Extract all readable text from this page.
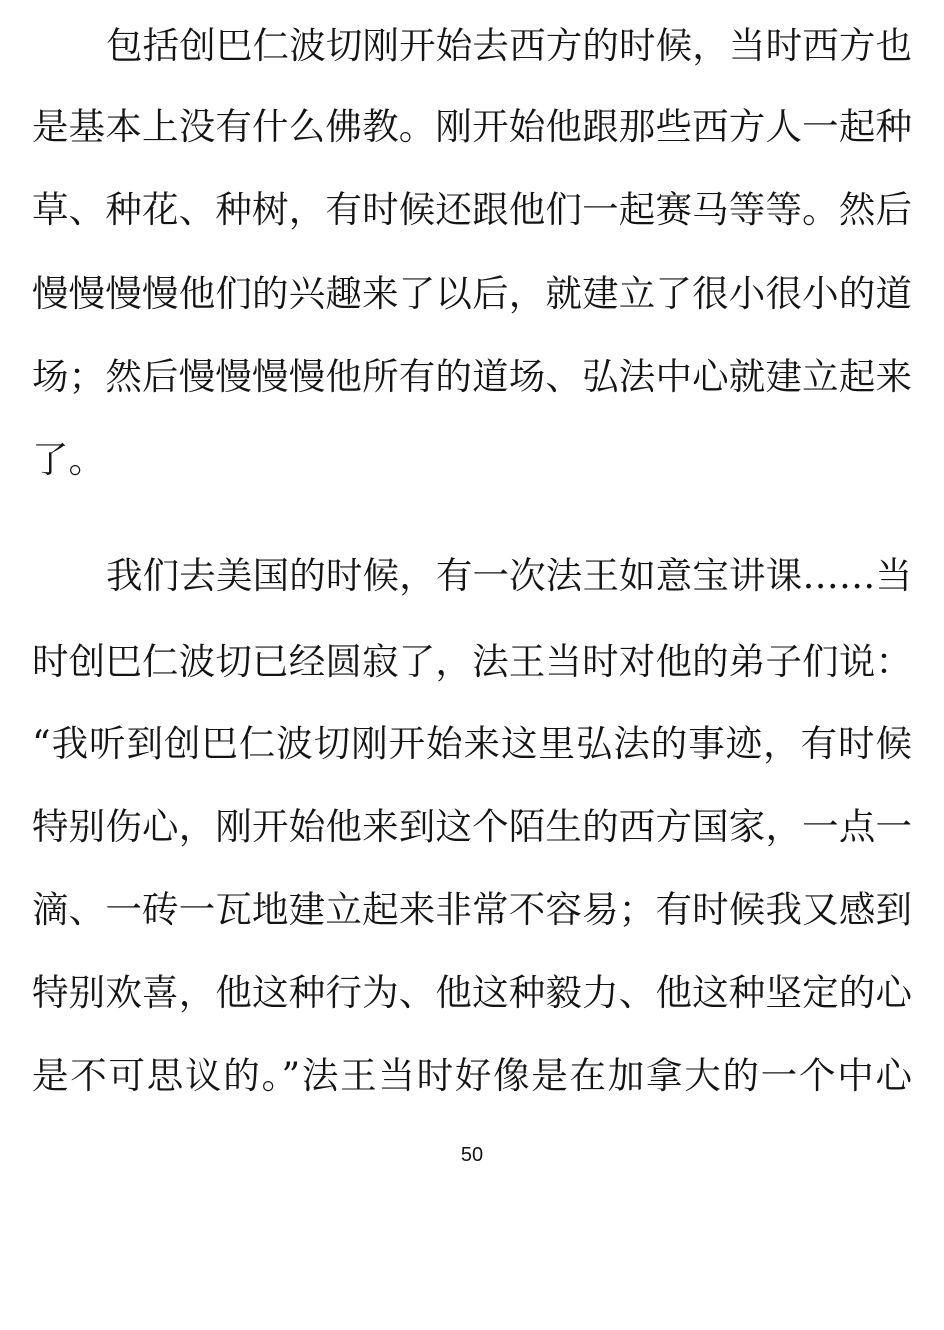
包括创巴仁波切刚开始去西方的时候，当时西方也
是基本上没有什么佛教。刚开始他跟那些西方人一起种
草、种花、种树，有时候还跟他们一起赛马等等。然后
慢慢慢慢他们的兴趣来了以后，就建立了很小很小的道
场；然后慢慢慢慢他所有的道场、弘法中心就建立起来
了。
我们去美国的时候，有一次法王如意宝讲课……当
时创巴仁波切已经圆寂了，法王当时对他的弟子们说：
“我听到创巴仁波切刚开始来这里弘法的事迹，有时候
特别伤心，刚开始他来到这个陌生的西方国家，一点一
滴、一砖一瓦地建立起来非常不容易；有时候我又感到
特别欢喜，他这种行为、他这种毅力、他这种坚定的心
是不可思议的。”法王当时好像是在加拿大的一个中心
50
